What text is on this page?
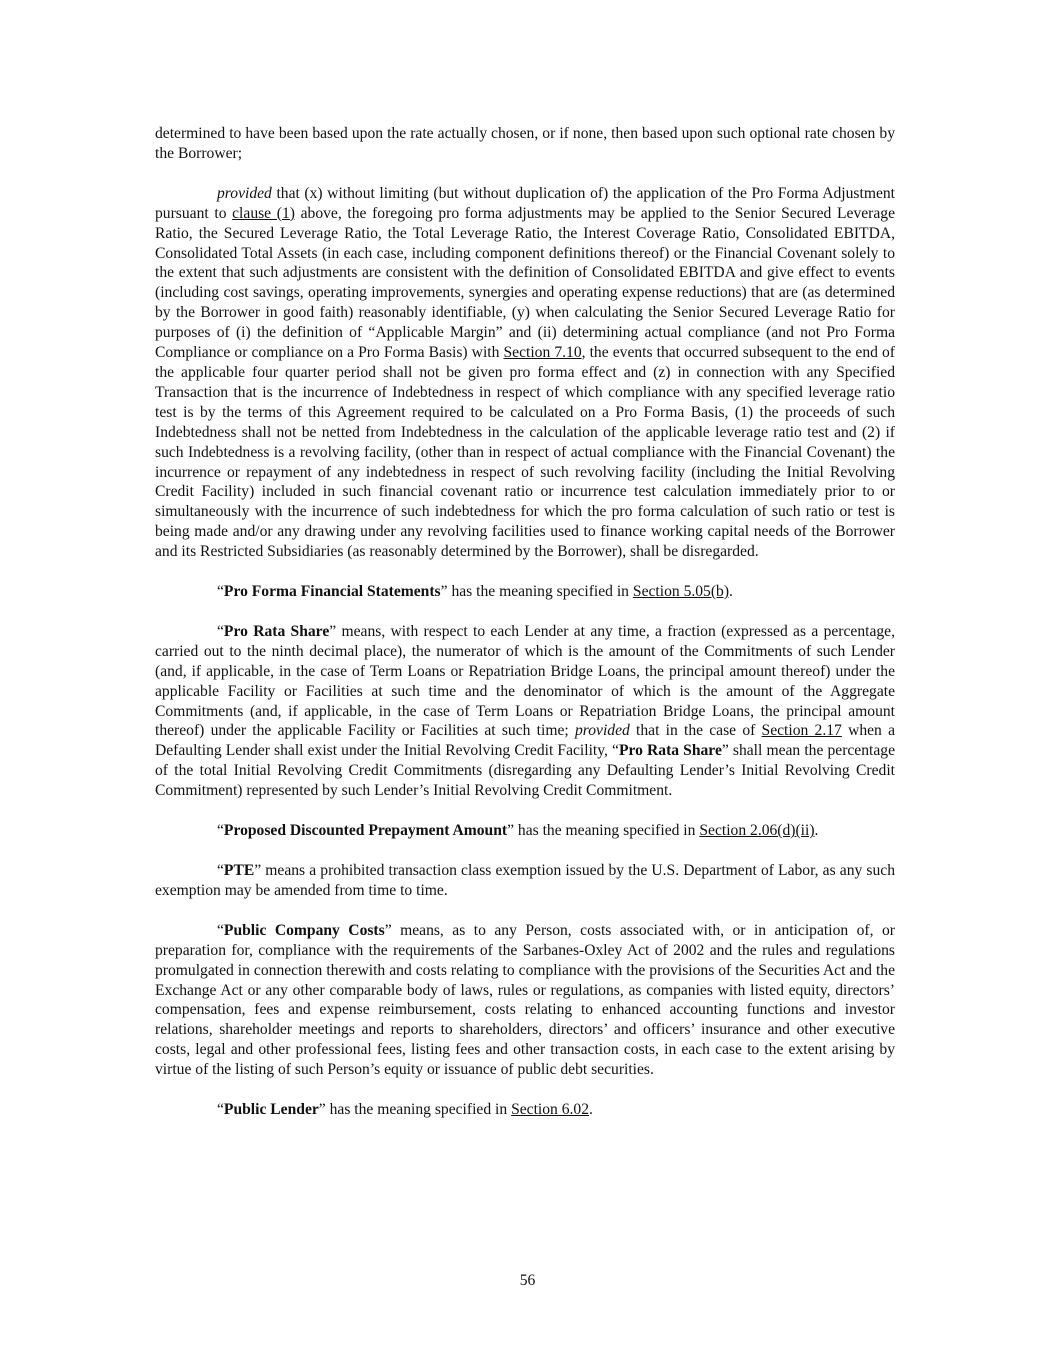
determined to have been based upon the rate actually chosen, or if none, then based upon such optional rate chosen by the Borrower;

provided that (x) without limiting (but without duplication of) the application of the Pro Forma Adjustment pursuant to clause (1) above, the foregoing pro forma adjustments may be applied to the Senior Secured Leverage Ratio, the Secured Leverage Ratio, the Total Leverage Ratio, the Interest Coverage Ratio, Consolidated EBITDA, Consolidated Total Assets (in each case, including component definitions thereof) or the Financial Covenant solely to the extent that such adjustments are consistent with the definition of Consolidated EBITDA and give effect to events (including cost savings, operating improvements, synergies and operating expense reductions) that are (as determined by the Borrower in good faith) reasonably identifiable, (y) when calculating the Senior Secured Leverage Ratio for purposes of (i) the definition of “Applicable Margin” and (ii) determining actual compliance (and not Pro Forma Compliance or compliance on a Pro Forma Basis) with Section 7.10, the events that occurred subsequent to the end of the applicable four quarter period shall not be given pro forma effect and (z) in connection with any Specified Transaction that is the incurrence of Indebtedness in respect of which compliance with any specified leverage ratio test is by the terms of this Agreement required to be calculated on a Pro Forma Basis, (1) the proceeds of such Indebtedness shall not be netted from Indebtedness in the calculation of the applicable leverage ratio test and (2) if such Indebtedness is a revolving facility, (other than in respect of actual compliance with the Financial Covenant) the incurrence or repayment of any indebtedness in respect of such revolving facility (including the Initial Revolving Credit Facility) included in such financial covenant ratio or incurrence test calculation immediately prior to or simultaneously with the incurrence of such indebtedness for which the pro forma calculation of such ratio or test is being made and/or any drawing under any revolving facilities used to finance working capital needs of the Borrower and its Restricted Subsidiaries (as reasonably determined by the Borrower), shall be disregarded.

“Pro Forma Financial Statements” has the meaning specified in Section 5.05(b).

“Pro Rata Share” means, with respect to each Lender at any time, a fraction (expressed as a percentage, carried out to the ninth decimal place), the numerator of which is the amount of the Commitments of such Lender (and, if applicable, in the case of Term Loans or Repatriation Bridge Loans, the principal amount thereof) under the applicable Facility or Facilities at such time and the denominator of which is the amount of the Aggregate Commitments (and, if applicable, in the case of Term Loans or Repatriation Bridge Loans, the principal amount thereof) under the applicable Facility or Facilities at such time; provided that in the case of Section 2.17 when a Defaulting Lender shall exist under the Initial Revolving Credit Facility, “Pro Rata Share” shall mean the percentage of the total Initial Revolving Credit Commitments (disregarding any Defaulting Lender’s Initial Revolving Credit Commitment) represented by such Lender’s Initial Revolving Credit Commitment.

“Proposed Discounted Prepayment Amount” has the meaning specified in Section 2.06(d)(ii).

“PTE” means a prohibited transaction class exemption issued by the U.S. Department of Labor, as any such exemption may be amended from time to time.

“Public Company Costs” means, as to any Person, costs associated with, or in anticipation of, or preparation for, compliance with the requirements of the Sarbanes-Oxley Act of 2002 and the rules and regulations promulgated in connection therewith and costs relating to compliance with the provisions of the Securities Act and the Exchange Act or any other comparable body of laws, rules or regulations, as companies with listed equity, directors’ compensation, fees and expense reimbursement, costs relating to enhanced accounting functions and investor relations, shareholder meetings and reports to shareholders, directors’ and officers’ insurance and other executive costs, legal and other professional fees, listing fees and other transaction costs, in each case to the extent arising by virtue of the listing of such Person’s equity or issuance of public debt securities.

“Public Lender” has the meaning specified in Section 6.02.

56
